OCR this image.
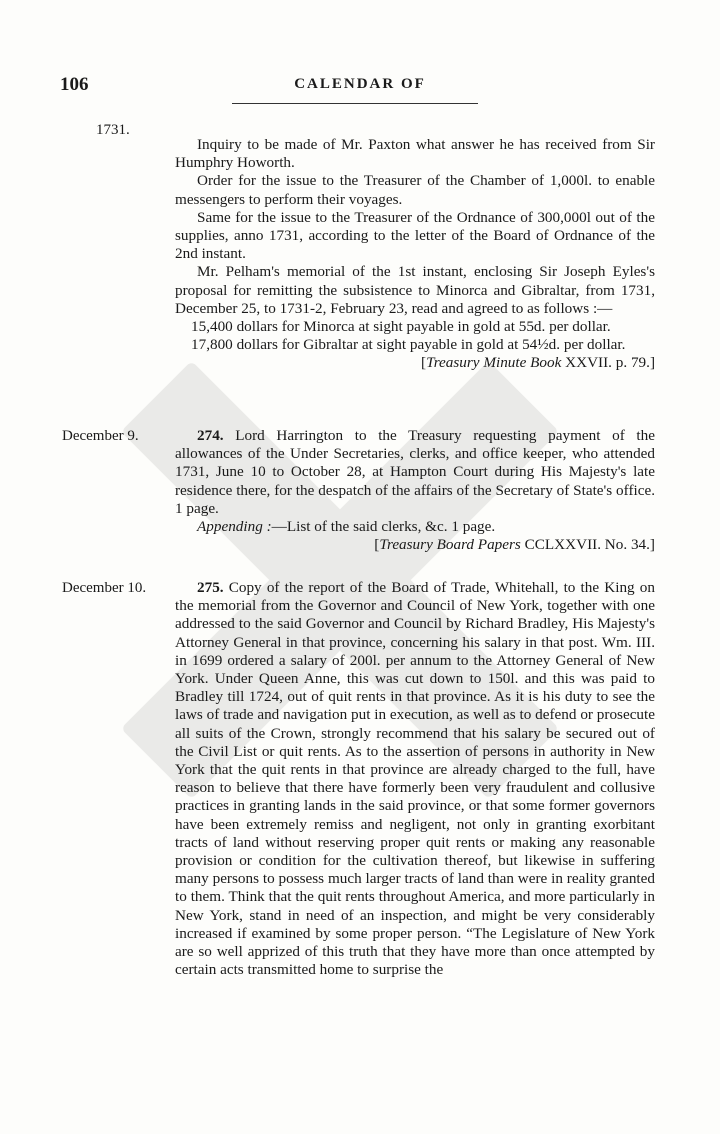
106	CALENDAR OF
1731.

Inquiry to be made of Mr. Paxton what answer he has received from Sir Humphry Howorth.

Order for the issue to the Treasurer of the Chamber of 1,000l. to enable messengers to perform their voyages.

Same for the issue to the Treasurer of the Ordnance of 300,000l out of the supplies, anno 1731, according to the letter of the Board of Ordnance of the 2nd instant.

Mr. Pelham's memorial of the 1st instant, enclosing Sir Joseph Eyles's proposal for remitting the subsistence to Minorca and Gibraltar, from 1731, December 25, to 1731-2, February 23, read and agreed to as follows :—

15,400 dollars for Minorca at sight payable in gold at 55d. per dollar.

17,800 dollars for Gibraltar at sight payable in gold at 54½d. per dollar.

[Treasury Minute Book XXVII. p. 79.]

December 9.	274. Lord Harrington to the Treasury requesting payment of the allowances of the Under Secretaries, clerks, and office keeper, who attended 1731, June 10 to October 28, at Hampton Court during His Majesty's late residence there, for the despatch of the affairs of the Secretary of State's office. 1 page.

Appending :—List of the said clerks, &c. 1 page.

[Treasury Board Papers CCLXXVII. No. 34.]

December 10.	275. Copy of the report of the Board of Trade, Whitehall, to the King on the memorial from the Governor and Council of New York, together with one addressed to the said Governor and Council by Richard Bradley, His Majesty's Attorney General in that province, concerning his salary in that post. Wm. III. in 1699 ordered a salary of 200l. per annum to the Attorney General of New York. Under Queen Anne, this was cut down to 150l. and this was paid to Bradley till 1724, out of quit rents in that province. As it is his duty to see the laws of trade and navigation put in execution, as well as to defend or prosecute all suits of the Crown, strongly recommend that his salary be secured out of the Civil List or quit rents. As to the assertion of persons in authority in New York that the quit rents in that province are already charged to the full, have reason to believe that there have formerly been very fraudulent and collusive practices in granting lands in the said province, or that some former governors have been extremely remiss and negligent, not only in granting exorbitant tracts of land without reserving proper quit rents or making any reasonable provision or condition for the cultivation thereof, but likewise in suffering many persons to possess much larger tracts of land than were in reality granted to them. Think that the quit rents throughout America, and more particularly in New York, stand in need of an inspection, and might be very considerably increased if examined by some proper person. “The Legislature of New York are so well apprized of this truth that they have more than once attempted by certain acts transmitted home to surprise the
